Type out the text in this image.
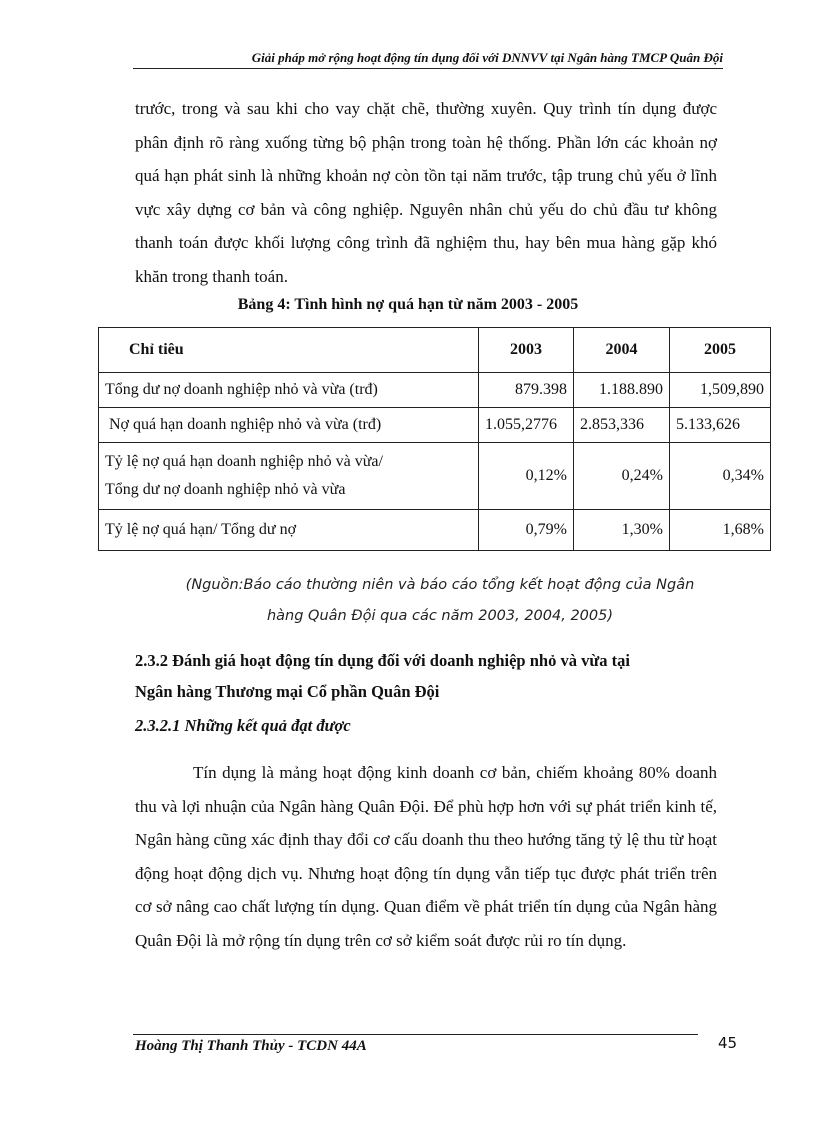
Giải pháp mở rộng hoạt động tín dụng đối với DNNVV tại Ngân hàng TMCP Quân Đội
trước, trong và sau khi cho vay chặt chẽ, thường xuyên. Quy trình tín dụng được phân định rõ ràng xuống từng bộ phận trong toàn hệ thống. Phần lớn các khoản nợ quá hạn phát sinh là những khoản nợ còn tồn tại năm trước, tập trung chủ yếu ở lĩnh vực xây dựng cơ bản và công nghiệp. Nguyên nhân chủ yếu do chủ đầu tư không thanh toán được khối lượng công trình đã nghiệm thu, hay bên mua hàng gặp khó khăn trong thanh toán.
Bảng 4: Tình hình nợ quá hạn từ năm 2003 - 2005
Chỉ tiêu	2003	2004	2005
Tổng dư nợ doanh nghiệp nhỏ và vừa (trđ)	879.398	1.188.890	1,509,890
Nợ quá hạn doanh nghiệp nhỏ và vừa (trđ)	1.055,2776	2.853,336	5.133,626

Tỷ lệ nợ quá hạn doanh nghiệp nhỏ và vừa/
Tổng dư nợ doanh nghiệp nhỏ và vừa	0,12%	0,24%	0,34%
Tỷ lệ nợ quá hạn/ Tổng dư nợ	0,79%	1,30%	1,68%
(Nguồn:Báo cáo thường niên và báo cáo tổng kết hoạt động của Ngân
hàng Quân Đội qua các năm 2003, 2004, 2005)
2.3.2 Đánh giá hoạt động tín dụng đối với doanh nghiệp nhỏ và vừa tại
Ngân hàng Thương mại Cổ phần Quân Đội
2.3.2.1 Những kết quả đạt được
Tín dụng là mảng hoạt động kinh doanh cơ bản, chiếm khoảng 80% doanh thu và lợi nhuận của Ngân hàng Quân Đội. Để phù hợp hơn với sự phát triển kinh tế, Ngân hàng cũng xác định thay đổi cơ cấu doanh thu theo hướng tăng tỷ lệ thu từ hoạt động hoạt động dịch vụ. Nhưng hoạt động tín dụng vẫn tiếp tục được phát triển trên cơ sở nâng cao chất lượng tín dụng. Quan điểm về phát triển tín dụng của Ngân hàng Quân Đội là mở rộng tín dụng trên cơ sở kiểm soát được rủi ro tín dụng.
Hoàng Thị Thanh Thủy - TCDN 44A	45
